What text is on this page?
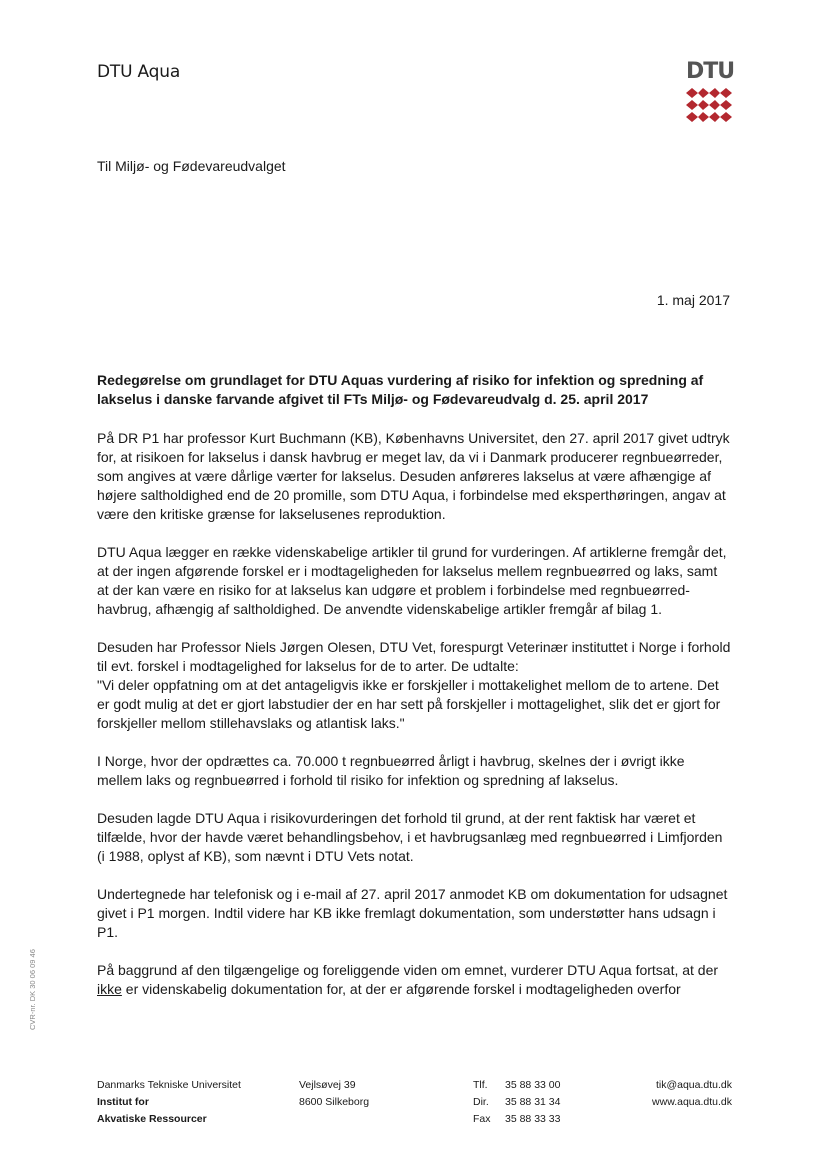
DTU Aqua	DTU
Til Miljø- og Fødevareudvalget
1. maj 2017
Redegørelse om grundlaget for DTU Aquas vurdering af risiko for infektion og spredning af lakselus i danske farvande afgivet til FTs Miljø- og Fødevareudvalg d. 25. april 2017

På DR P1 har professor Kurt Buchmann (KB), Københavns Universitet, den 27. april 2017 givet udtryk for, at risikoen for lakselus i dansk havbrug er meget lav, da vi i Danmark producerer regnbueørreder, som angives at være dårlige værter for lakselus. Desuden anføreres lakselus at være afhængige af højere saltholdighed end de 20 promille, som DTU Aqua, i forbindelse med eksperthøringen, angav at være den kritiske grænse for lakselusenes reproduktion.

DTU Aqua lægger en række videnskabelige artikler til grund for vurderingen. Af artiklerne fremgår det, at der ingen afgørende forskel er i modtageligheden for lakselus mellem regnbueørred og laks, samt at der kan være en risiko for at lakselus kan udgøre et problem i forbindelse med regnbueørred-havbrug, afhængig af saltholdighed. De anvendte videnskabelige artikler fremgår af bilag 1.

Desuden har Professor Niels Jørgen Olesen, DTU Vet, forespurgt Veterinær instituttet i Norge i forhold til evt. forskel i modtagelighed for lakselus for de to arter. De udtalte:

"Vi deler oppfatning om at det antageligvis ikke er forskjeller i mottakelighet mellom de to artene. Det er godt mulig at det er gjort labstudier der en har sett på forskjeller i mottagelighet, slik det er gjort for forskjeller mellom stillehavslaks og atlantisk laks."

I Norge, hvor der opdrættes ca. 70.000 t regnbueørred årligt i havbrug, skelnes der i øvrigt ikke mellem laks og regnbueørred i forhold til risiko for infektion og spredning af lakselus.

Desuden lagde DTU Aqua i risikovurderingen det forhold til grund, at der rent faktisk har været et tilfælde, hvor der havde været behandlingsbehov, i et havbrugsanlæg med regnbueørred i Limfjorden (i 1988, oplyst af KB), som nævnt i DTU Vets notat.

Undertegnede har telefonisk og i e-mail af 27. april 2017 anmodet KB om dokumentation for udsagnet givet i P1 morgen. Indtil videre har KB ikke fremlagt dokumentation, som understøtter hans udsagn i P1.

På baggrund af den tilgængelige og foreliggende viden om emnet, vurderer DTU Aqua fortsat, at der ikke er videnskabelig dokumentation for, at der er afgørende forskel i modtageligheden overfor

CVR-nr. DK 30 06 09 46
Danmarks Tekniske Universitet
Institut for
Akvatiske Ressourcer
Vejlsøvej 39
8600 Silkeborg
Tlf. 35 88 33 00
Dir. 35 88 31 34
Fax 35 88 33 33
tik@aqua.dtu.dk
www.aqua.dtu.dk
